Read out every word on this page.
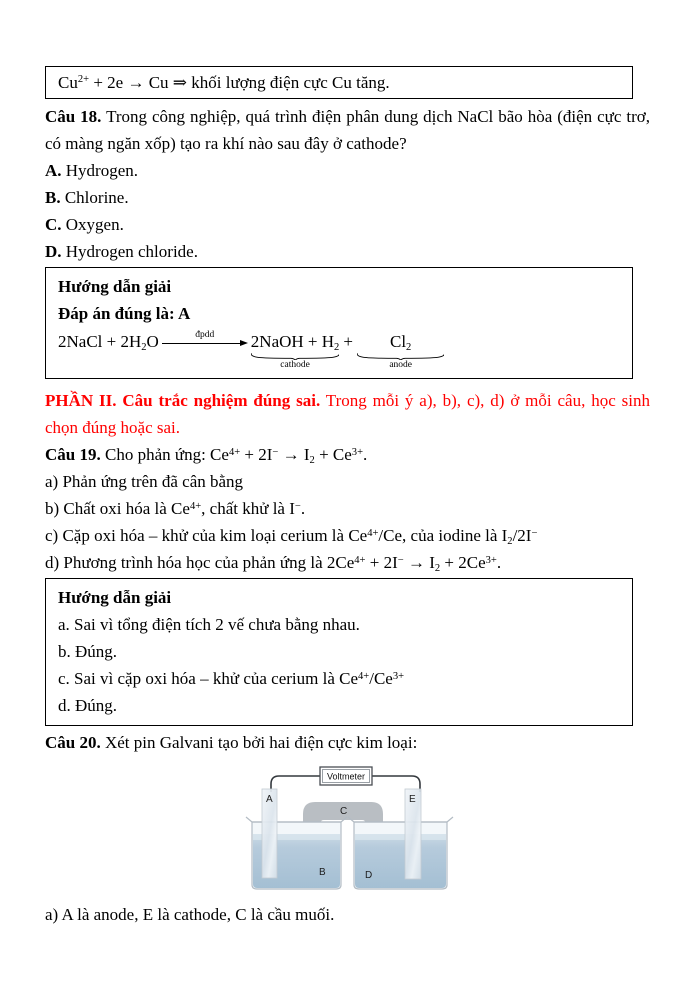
$Cu^{2+} + 2e \to Cu$ ⇒ khối lượng điện cực Cu tăng.

Câu 18. Trong công nghiệp, quá trình điện phân dung dịch NaCl bão hòa (điện cực trơ, có màng ngăn xốp) tạo ra khí nào sau đây ở cathode?

A. Hydrogen.

B. Chlorine.

C. Oxygen.

D. Hydrogen chloride.

Hướng dẫn giải

Đáp án đúng là: A

2NaCl + $2H_2O$	đpdd 2NaOH + $H_2$
cathode
+ $Cl_2$
anode

PHẦN II. Câu trắc nghiệm đúng sai. Trong mỗi ý a), b), c), d) ở mỗi câu, học sinh chọn đúng hoặc sai.

Câu 19. Cho phản ứng: $Ce^{4+} + 2I^- \to I_2 + Ce^{3+}$.

a) Phản ứng trên đã cân bằng

b) Chất oxi hóa là $Ce^{4+}$, chất khử là I−.

c) Cặp oxi hóa – khử của kim loại cerium là $Ce^{4+}/Ce$, của iodine là $I_2/2I^-$

d) Phương trình hóa học của phản ứng là $2Ce^{4+} + 2I^- \to I_2 + 2Ce^{3+}$.

Hướng dẫn giải

a. Sai vì tổng điện tích 2 vế chưa bằng nhau.

b. Đúng.

c. Sai vì cặp oxi hóa – khử của cerium là $Ce^{4+}/Ce^{3+}$

d. Đúng.

Câu 20. Xét pin Galvani tạo bởi hai điện cực kim loại:

Voltmeter
A
C
E
B	D

a) A là anode, E là cathode, C là cầu muối.
